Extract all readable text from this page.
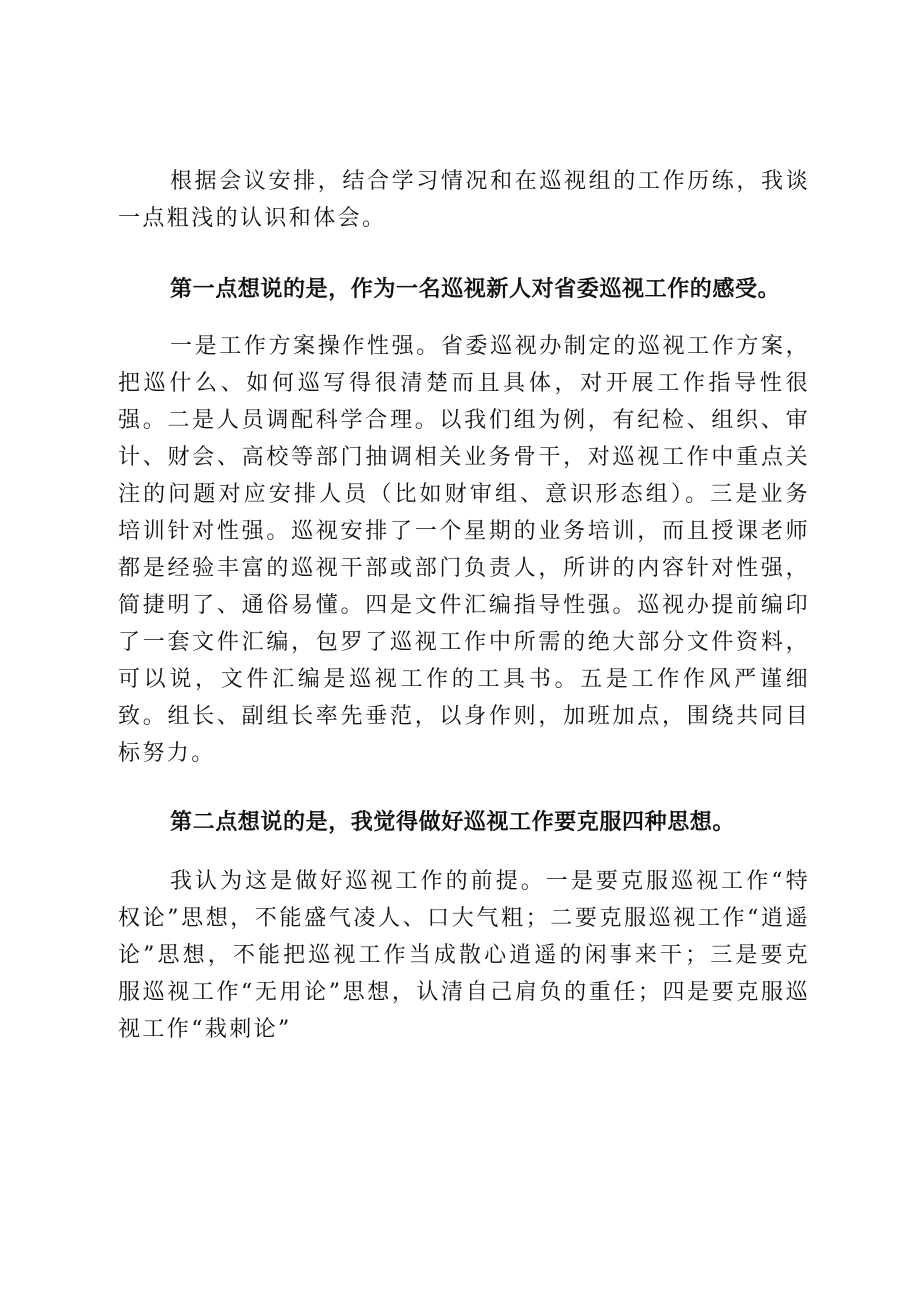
根据会议安排，结合学习情况和在巡视组的工作历练，我谈一点粗浅的认识和体会。

第一点想说的是，作为一名巡视新人对省委巡视工作的感受。

一是工作方案操作性强。省委巡视办制定的巡视工作方案，把巡什么、如何巡写得很清楚而且具体，对开展工作指导性很强。二是人员调配科学合理。以我们组为例，有纪检、组织、审计、财会、高校等部门抽调相关业务骨干，对巡视工作中重点关注的问题对应安排人员（比如财审组、意识形态组）。三是业务培训针对性强。巡视安排了一个星期的业务培训，而且授课老师都是经验丰富的巡视干部或部门负责人，所讲的内容针对性强，简捷明了、通俗易懂。四是文件汇编指导性强。巡视办提前编印了一套文件汇编，包罗了巡视工作中所需的绝大部分文件资料，可以说，文件汇编是巡视工作的工具书。五是工作作风严谨细致。组长、副组长率先垂范，以身作则，加班加点，围绕共同目标努力。

第二点想说的是，我觉得做好巡视工作要克服四种思想。

我认为这是做好巡视工作的前提。一是要克服巡视工作“特权论”思想，不能盛气凌人、口大气粗；二要克服巡视工作“逍遥论”思想，不能把巡视工作当成散心逍遥的闲事来干；三是要克服巡视工作“无用论”思想，认清自己肩负的重任；四是要克服巡视工作“栽刺论”
